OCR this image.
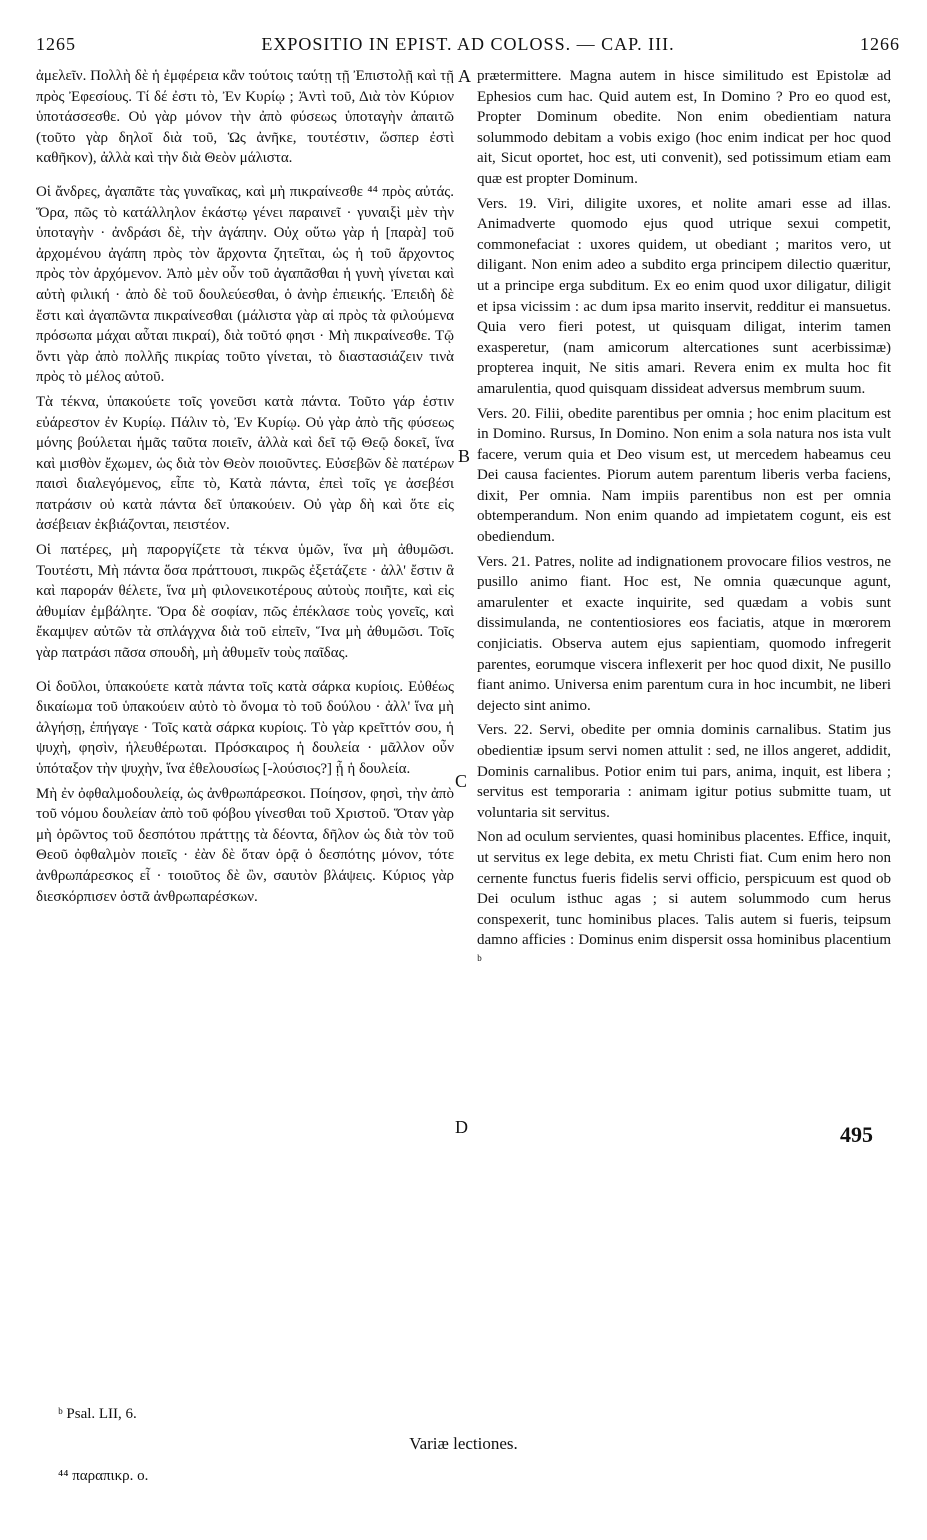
1265	EXPOSITIO IN EPIST. AD COLOSS. — CAP. III.	1266

ἀμελεῖν. Πολλὴ δὲ ἡ ἐμφέρεια κἂν τούτοις ταύτῃ τῇ Ἐπιστολῇ καὶ τῇ πρὸς Ἐφεσίους. Τί δέ ἐστι τὸ, Ἐν Κυρίῳ ; Ἀντὶ τοῦ, Διὰ τὸν Κύριον ὑποτάσσεσθε. Οὐ γὰρ μόνον τὴν ἀπὸ φύσεως ὑποταγὴν ἀπαιτῶ (τοῦτο γὰρ δηλοῖ διὰ τοῦ, Ὡς ἀνῆκε, τουτέστιν, ὥσπερ ἐστὶ καθῆκον), ἀλλὰ καὶ τὴν διὰ Θεὸν μάλιστα.

Οἱ ἄνδρες, ἀγαπᾶτε τὰς γυναῖκας, καὶ μὴ πικραίνεσθε ⁴⁴ πρὸς αὐτάς. Ὅρα, πῶς τὸ κατάλληλον ἑκάστῳ γένει παραινεῖ · γυναιξὶ μὲν τὴν ὑποταγὴν · ἀνδράσι δὲ, τὴν ἀγάπην. Οὐχ οὕτω γὰρ ἡ [παρὰ] τοῦ ἀρχομένου ἀγάπη πρὸς τὸν ἄρχοντα ζητεῖται, ὡς ἡ τοῦ ἄρχοντος πρὸς τὸν ἀρχόμενον. Ἀπὸ μὲν οὖν τοῦ ἀγαπᾶσθαι ἡ γυνὴ γίνεται καὶ αὐτὴ φιλική · ἀπὸ δὲ τοῦ δουλεύεσθαι, ὁ ἀνὴρ ἐπιεικής. Ἐπειδὴ δὲ ἔστι καὶ ἀγαπῶντα πικραίνεσθαι (μάλιστα γὰρ αἱ πρὸς τὰ φιλούμενα πρόσωπα μάχαι αὗται πικραί), διὰ τοῦτό φησι · Μὴ πικραίνεσθε. Τῷ ὄντι γὰρ ἀπὸ πολλῆς πικρίας τοῦτο γίνεται, τὸ διαστασιάζειν τινὰ πρὸς τὸ μέλος αὐτοῦ.

Τὰ τέκνα, ὑπακούετε τοῖς γονεῦσι κατὰ πάντα. Τοῦτο γάρ ἐστιν εὐάρεστον ἐν Κυρίῳ. Πάλιν τὸ, Ἐν Κυρίῳ. Οὐ γὰρ ἀπὸ τῆς φύσεως μόνης βούλεται ἡμᾶς ταῦτα ποιεῖν, ἀλλὰ καὶ δεῖ τῷ Θεῷ δοκεῖ, ἵνα καὶ μισθὸν ἔχωμεν, ὡς διὰ τὸν Θεὸν ποιοῦντες. Εὐσεβῶν δὲ πατέρων παισὶ διαλεγόμενος, εἶπε τὸ, Κατὰ πάντα, ἐπεὶ τοῖς γε ἀσεβέσι πατράσιν οὐ κατὰ πάντα δεῖ ὑπακούειν. Οὐ γὰρ δὴ καὶ ὅτε εἰς ἀσέβειαν ἐκβιάζονται, πειστέον.

Οἱ πατέρες, μὴ παροργίζετε τὰ τέκνα ὑμῶν, ἵνα μὴ ἀθυμῶσι. Τουτέστι, Μὴ πάντα ὅσα πράττουσι, πικρῶς ἐξετάζετε · ἀλλ' ἔστιν ἃ καὶ παροράν θέλετε, ἵνα μὴ φιλονεικοτέρους αὐτοὺς ποιῆτε, καὶ εἰς ἀθυμίαν ἐμβάλητε. Ὅρα δὲ σοφίαν, πῶς ἐπέκλασε τοὺς γονεῖς, καὶ ἔκαμψεν αὐτῶν τὰ σπλάγχνα διὰ τοῦ εἰπεῖν, Ἵνα μὴ ἀθυμῶσι. Τοῖς γὰρ πατράσι πᾶσα σπουδὴ, μὴ ἀθυμεῖν τοὺς παῖδας.

Οἱ δοῦλοι, ὑπακούετε κατὰ πάντα τοῖς κατὰ σάρκα κυρίοις. Εὐθέως δικαίωμα τοῦ ὑπακούειν αὐτὸ τὸ ὄνομα τὸ τοῦ δούλου · ἀλλ' ἵνα μὴ ἀλγήσῃ, ἐπήγαγε · Τοῖς κατὰ σάρκα κυρίοις. Τὸ γὰρ κρεῖττόν σου, ἡ ψυχὴ, φησὶν, ἠλευθέρωται. Πρόσκαιρος ἡ δουλεία · μᾶλλον οὖν ὑπόταξον τὴν ψυχὴν, ἵνα ἐθελουσίως [-λούσιος?] ᾖ ἡ δουλεία.

Μὴ ἐν ὀφθαλμοδουλείᾳ, ὡς ἀνθρωπάρεσκοι. Ποίησον, φησὶ, τὴν ἀπὸ τοῦ νόμου δουλείαν ἀπὸ τοῦ φόβου γίνεσθαι τοῦ Χριστοῦ. Ὅταν γὰρ μὴ ὁρῶντος τοῦ δεσπότου πράττῃς τὰ δέοντα, δῆλον ὡς διὰ τὸν τοῦ Θεοῦ ὀφθαλμὸν ποιεῖς · ἐὰν δὲ ὅταν ὁρᾷ ὁ δεσπότης μόνον, τότε ἀνθρωπάρεσκος εἶ · τοιοῦτος δὲ ὢν, σαυτὸν βλάψεις. Κύριος γὰρ διεσκόρπισεν ὀστᾶ ἀνθρωπαρέσκων.

prætermittere. Magna autem in hisce similitudo est Epistolæ ad Ephesios cum hac. Quid autem est, In Domino ? Pro eo quod est, Propter Dominum obedite. Non enim obedientiam natura solummodo debitam a vobis exigo (hoc enim indicat per hoc quod ait, Sicut oportet, hoc est, uti convenit), sed potissimum etiam eam quæ est propter Dominum.

Vers. 19. Viri, diligite uxores, et nolite amari esse ad illas. Animadverte quomodo ejus quod utrique sexui competit, commonefaciat : uxores quidem, ut obediant ; maritos vero, ut diligant. Non enim adeo a subdito erga principem dilectio quæritur, ut a principe erga subditum. Ex eo enim quod uxor diligatur, diligit et ipsa vicissim : ac dum ipsa marito inservit, redditur ei mansuetus. Quia vero fieri potest, ut quisquam diligat, interim tamen exasperetur, (nam amicorum altercationes sunt acerbissimæ) propterea inquit, Ne sitis amari. Revera enim ex multa hoc fit amarulentia, quod quisquam dissideat adversus membrum suum.

Vers. 20. Filii, obedite parentibus per omnia ; hoc enim placitum est in Domino. Rursus, In Domino. Non enim a sola natura nos ista vult facere, verum quia et Deo visum est, ut mercedem habeamus ceu Dei causa facientes. Piorum autem parentum liberis verba faciens, dixit, Per omnia. Nam impiis parentibus non est per omnia obtemperandum. Non enim quando ad impietatem cogunt, eis est obediendum.

Vers. 21. Patres, nolite ad indignationem provocare filios vestros, ne pusillo animo fiant. Hoc est, Ne omnia quæcunque agunt, amarulenter et exacte inquirite, sed quædam a vobis sunt dissimulanda, ne contentiosiores eos faciatis, atque in mœrorem conjiciatis. Observa autem ejus sapientiam, quomodo infregerit parentes, eorumque viscera inflexerit per hoc quod dixit, Ne pusillo fiant animo. Universa enim parentum cura in hoc incumbit, ne liberi dejecto sint animo.

Vers. 22. Servi, obedite per omnia dominis carnalibus. Statim jus obedientiæ ipsum servi nomen attulit : sed, ne illos angeret, addidit, Dominis carnalibus. Potior enim tui pars, anima, inquit, est libera ; servitus est temporaria : animam igitur potius submitte tuam, ut voluntaria sit servitus.

Non ad oculum servientes, quasi hominibus placentes. Effice, inquit, ut servitus ex lege debita, ex metu Christi fiat. Cum enim hero non cernente functus fueris fidelis servi officio, perspicuum est quod ob Dei oculum isthuc agas ; si autem solummodo cum herus conspexerit, tunc hominibus places. Talis autem si fueris, teipsum damno afficies : Dominus enim dispersit ossa hominibus placentium ᵇ

A
B
C
D	495
ᵇ Psal. LII, 6.
Variæ lectiones.
⁴⁴ παραπικρ. ο.
